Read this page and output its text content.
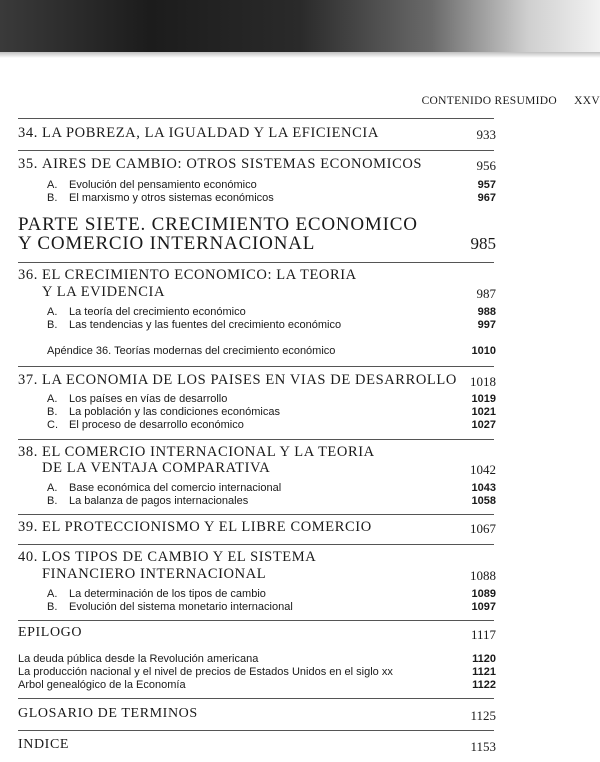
CONTENIDO RESUMIDO XXV
34. LA POBREZA, LA IGUALDAD Y LA EFICIENCIA	933
35. AIRES DE CAMBIO: OTROS SISTEMAS ECONOMICOS	956
A. Evolución del pensamiento económico	957
B. El marxismo y otros sistemas económicos	967
PARTE SIETE. CRECIMIENTO ECONOMICO
Y COMERCIO INTERNACIONAL	985
36. EL CRECIMIENTO ECONOMICO: LA TEORIA
Y LA EVIDENCIA	987
A. La teoría del crecimiento económico	988
B. Las tendencias y las fuentes del crecimiento económico	997
Apéndice 36. Teorías modernas del crecimiento económico	1010
37. LA ECONOMIA DE LOS PAISES EN VIAS DE DESARROLLO 1018
A. Los países en vías de desarrollo	1019
B. La población y las condiciones económicas	1021
C. El proceso de desarrollo económico	1027
38. EL COMERCIO INTERNACIONAL Y LA TEORIA
DE LA VENTAJA COMPARATIVA	1042
A. Base económica del comercio internacional	1043
B. La balanza de pagos internacionales	1058
39. EL PROTECCIONISMO Y EL LIBRE COMERCIO	1067
40. LOS TIPOS DE CAMBIO Y EL SISTEMA
FINANCIERO INTERNACIONAL	1088
A. La determinación de los tipos de cambio	1089
B. Evolución del sistema monetario internacional	1097
EPILOGO	1117
La deuda pública desde la Revolución americana	1120
La producción nacional y el nivel de precios de Estados Unidos en el siglo xx	1121
Arbol genealógico de la Economía	1122
GLOSARIO DE TERMINOS	1125
INDICE	1153
